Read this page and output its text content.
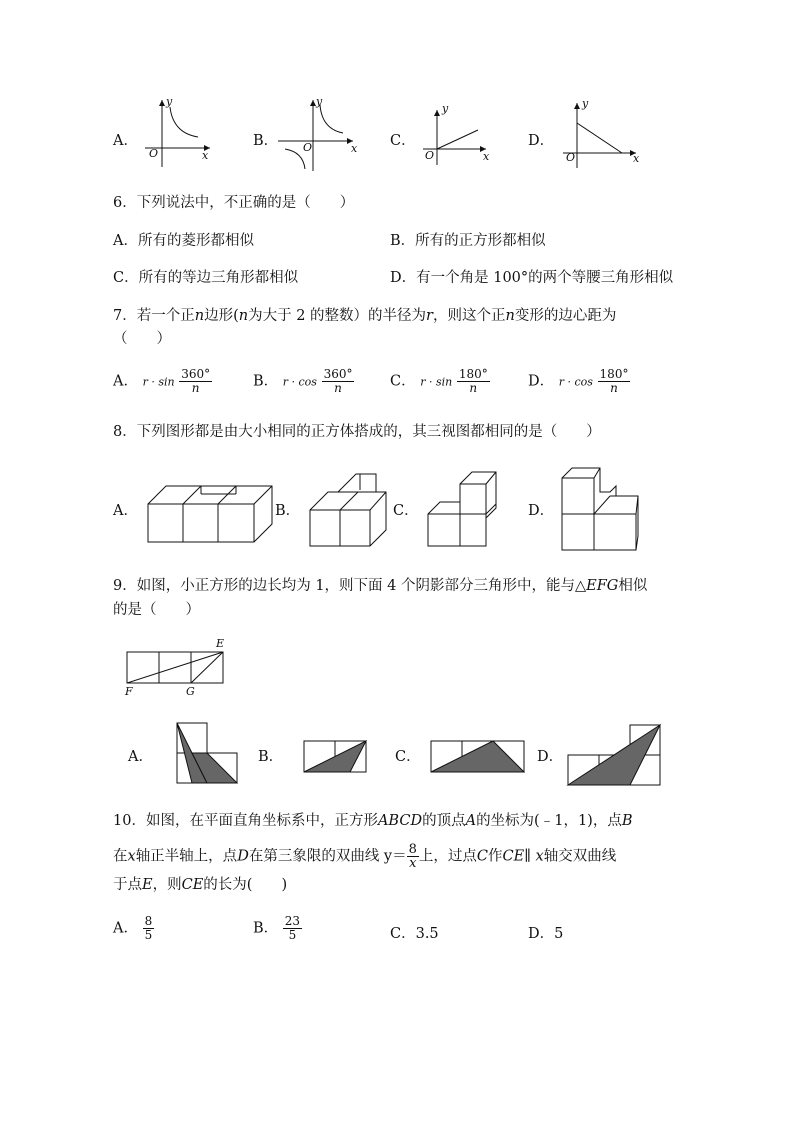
A．	B．	C．	D．
y
x
O
y
x
O
y
x
O
y
x
O
6．下列说法中，不正确的是（　　）
A．所有的菱形都相似	B．所有的正方形都相似
C．所有的等边三角形都相似	D．有一个角是 100°的两个等腰三角形相似
7．若一个正n边形(n为大于 2 的整数）的半径为r，则这个正n变形的边心距为
（　　）
A． $r \cdot \sin \frac{360^\circ}{n}$	B． $r \cdot \cos \frac{360^\circ}{n}$ C． $r \cdot \sin \frac{180^\circ}{n}$	D． $r \cdot \cos \frac{180^\circ}{n}$
8．下列图形都是由大小相同的正方体搭成的，其三视图都相同的是（　　）
A．	B．	C．	D．
9．如图，小正方形的边长均为 1，则下面 4 个阴影部分三角形中，能与△EFG相似
的是（　　）
E
F	G
A．	B．	C．	D．
10．如图，在平面直角坐标系中，正方形ABCD的顶点A的坐标为(﹣1，1)，点B
在x轴正半轴上，点D在第三象限的双曲线 $y= \frac{8}{x}$ 上，过点C作CE∥ x轴交双曲线
于点E，则CE的长为(　　)
A． $\frac{8}{5}$	B． $\frac{23}{5}$	C．3.5	D．5
